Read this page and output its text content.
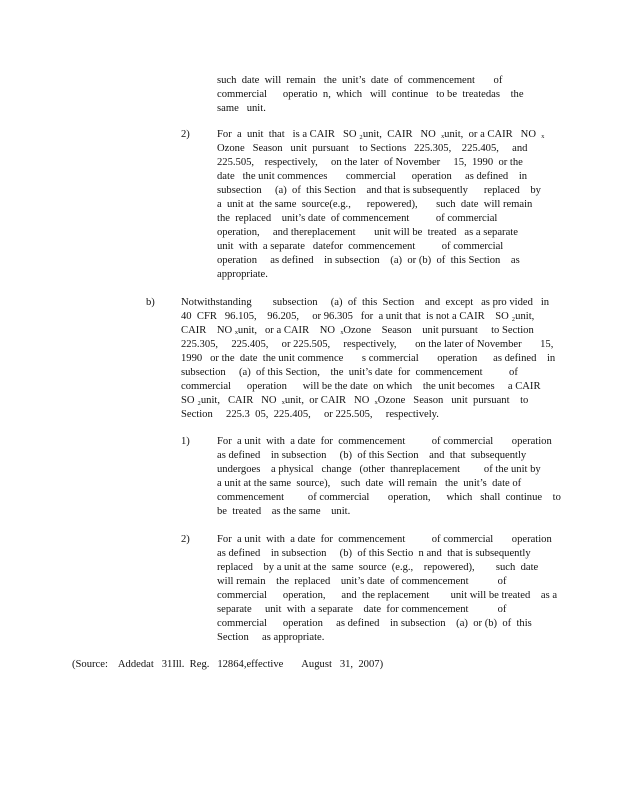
such  date  will  remain   the  unit’s  date  of  commencement       of

commercial      operatio  n,  which   will  continue   to be  treatedas    the

same   unit.

2)	For  a  unit  that   is a CAIR   SO ₂unit,  CAIR   NO  ₓunit,  or a CAIR   NO  ₓ

Ozone   Season   unit  pursuant    to Sections   225.305,    225.405,     and

225.505,    respectively,     on the later  of November     15,  1990  or the

date   the unit commences       commercial      operation     as defined    in

subsection     (a)  of  this Section    and that is subsequently      replaced    by

a  unit at  the same  source(e.g.,      repowered),       such  date  will remain

the  replaced    unit’s date  of commencement          of commercial

operation,     and thereplacement       unit will be  treated   as a separate

unit  with  a separate   datefor  commencement          of commercial

operation     as defined    in subsection    (a)  or (b)  of  this Section    as

appropriate.

b) Notwithstanding        subsection     (a)  of  this  Section    and  except   as pro vided   in

40  CFR   96.105,    96.205,     or 96.305   for  a unit that  is not a CAIR    SO ₂unit,

CAIR    NO ₓunit,   or a CAIR    NO  ₓOzone    Season    unit pursuant     to Section

225.305,     225.405,     or 225.505,     respectively,       on the later of November       15,

1990   or the  date  the unit commence       s commercial       operation      as defined    in

subsection     (a)  of this Section,    the  unit’s date  for  commencement          of

commercial      operation      will be the date  on which    the unit becomes     a CAIR

SO ₂unit,   CAIR   NO  ₓunit,  or CAIR   NO  ₓOzone   Season   unit  pursuant    to

Section     225.3  05,  225.405,     or 225.505,     respectively.

1)	For  a unit  with  a date  for  commencement          of commercial       operation

as defined    in subsection     (b)  of this Section    and  that  subsequently

undergoes    a physical   change   (other  thanreplacement         of the unit by

a unit at the same  source),    such  date  will remain   the  unit’s  date of

commencement         of commercial       operation,      which   shall  continue    to

be  treated    as the same    unit.

2)	For  a unit  with  a date  for  commencement          of commercial       operation

as defined    in subsection     (b)  of this Sectio  n and  that is subsequently

replaced    by a unit at the  same  source  (e.g.,    repowered),        such  date

will remain    the  replaced    unit’s date  of commencement           of

commercial      operation,      and  the replacement        unit will be treated    as a

separate     unit  with  a separate    date  for commencement           of

commercial      operation     as defined    in subsection    (a)  or (b)  of  this

Section     as appropriate.

(Source:    Addedat   31Ill.  Reg.   12864,effective       August   31,  2007)
